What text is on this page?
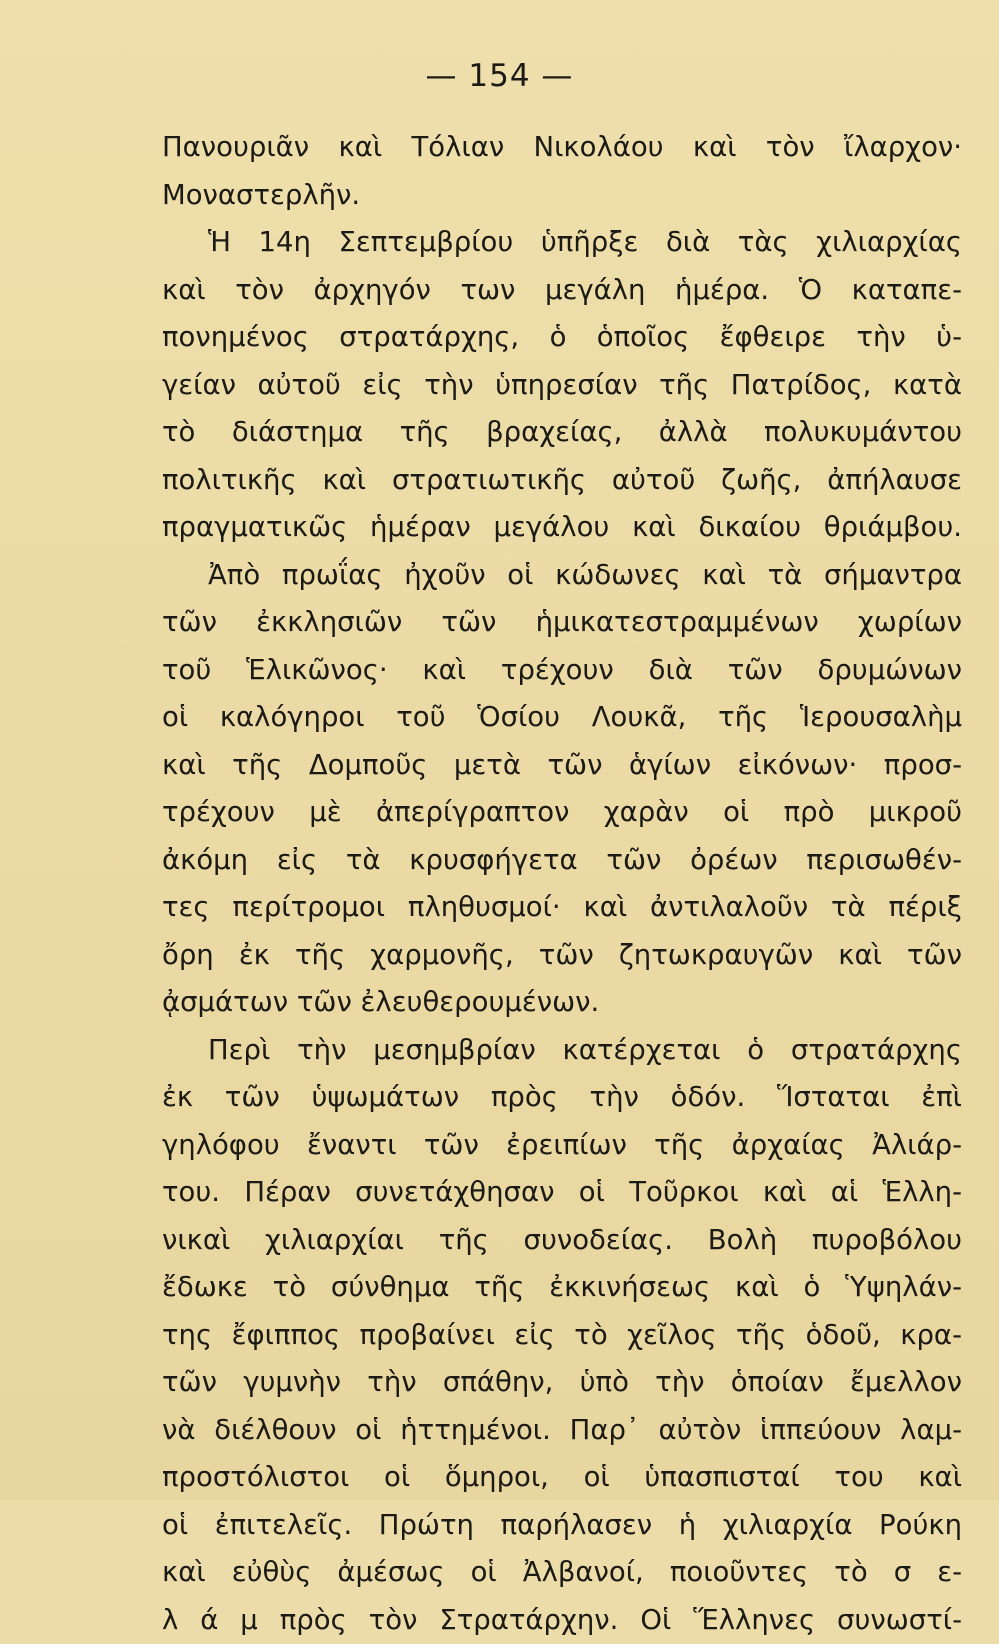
— 154 —
Πανουριᾶν καὶ Τόλιαν Νικολάου καὶ τὸν ἴλαρχον·
Μοναστερλῆν.
Ἡ 14η Σεπτεμβρίου ὑπῆρξε διὰ τὰς χιλιαρχίας
καὶ τὸν ἀρχηγόν των μεγάλη ἡμέρα. Ὁ καταπε-
πονημένος στρατάρχης, ὁ ὁποῖος ἔφθειρε τὴν ὑ-
γείαν αὐτοῦ εἰς τὴν ὑπηρεσίαν τῆς Πατρίδος, κατὰ
τὸ διάστημα τῆς βραχείας, ἀλλὰ πολυκυμάντου
πολιτικῆς καὶ στρατιωτικῆς αὐτοῦ ζωῆς, ἀπήλαυσε
πραγματικῶς ἡμέραν μεγάλου καὶ δικαίου θριάμβου.
Ἀπὸ πρωΐας ἠχοῦν οἱ κώδωνες καὶ τὰ σήμαντρα
τῶν ἐκκλησιῶν τῶν ἡμικατεστραμμένων χωρίων
τοῦ Ἑλικῶνος· καὶ τρέχουν διὰ τῶν δρυμώνων
οἱ καλόγηροι τοῦ Ὁσίου Λουκᾶ, τῆς Ἱερουσαλὴμ
καὶ τῆς Δομποῦς μετὰ τῶν ἁγίων εἰκόνων· προσ-
τρέχουν μὲ ἀπερίγραπτον χαρὰν οἱ πρὸ μικροῦ
ἀκόμη εἰς τὰ κρυσφήγετα τῶν ὀρέων περισωθέν-
τες περίτρομοι πληθυσμοί· καὶ ἀντιλαλοῦν τὰ πέριξ
ὄρη ἐκ τῆς χαρμονῆς, τῶν ζητωκραυγῶν καὶ τῶν
ᾀσμάτων τῶν ἐλευθερουμένων.
Περὶ τὴν μεσημβρίαν κατέρχεται ὁ στρατάρχης
ἐκ τῶν ὑψωμάτων πρὸς τὴν ὁδόν. Ἵσταται ἐπὶ
γηλόφου ἔναντι τῶν ἐρειπίων τῆς ἀρχαίας Ἀλιάρ-
του. Πέραν συνετάχθησαν οἱ Τοῦρκοι καὶ αἱ Ἑλλη-
νικαὶ χιλιαρχίαι τῆς συνοδείας. Βολὴ πυροβόλου
ἔδωκε τὸ σύνθημα τῆς ἐκκινήσεως καὶ ὁ Ὑψηλάν-
της ἔφιππος προβαίνει εἰς τὸ χεῖλος τῆς ὁδοῦ, κρα-
τῶν γυμνὴν τὴν σπάθην, ὑπὸ τὴν ὁποίαν ἔμελλον
νὰ διέλθουν οἱ ἡττημένοι. Παρ᾽ αὐτὸν ἱππεύουν λαμ-
προστόλιστοι οἱ ὅμηροι, οἱ ὑπασπισταί του καὶ
οἱ ἐπιτελεῖς. Πρώτη παρήλασεν ἡ χιλιαρχία Ρούκη
καὶ εὐθὺς ἀμέσως οἱ Ἀλβανοί, ποιοῦντες τὸ σ ε-
λ ά μ πρὸς τὸν Στρατάρχην. Οἱ Ἕλληνες συνωστί-
